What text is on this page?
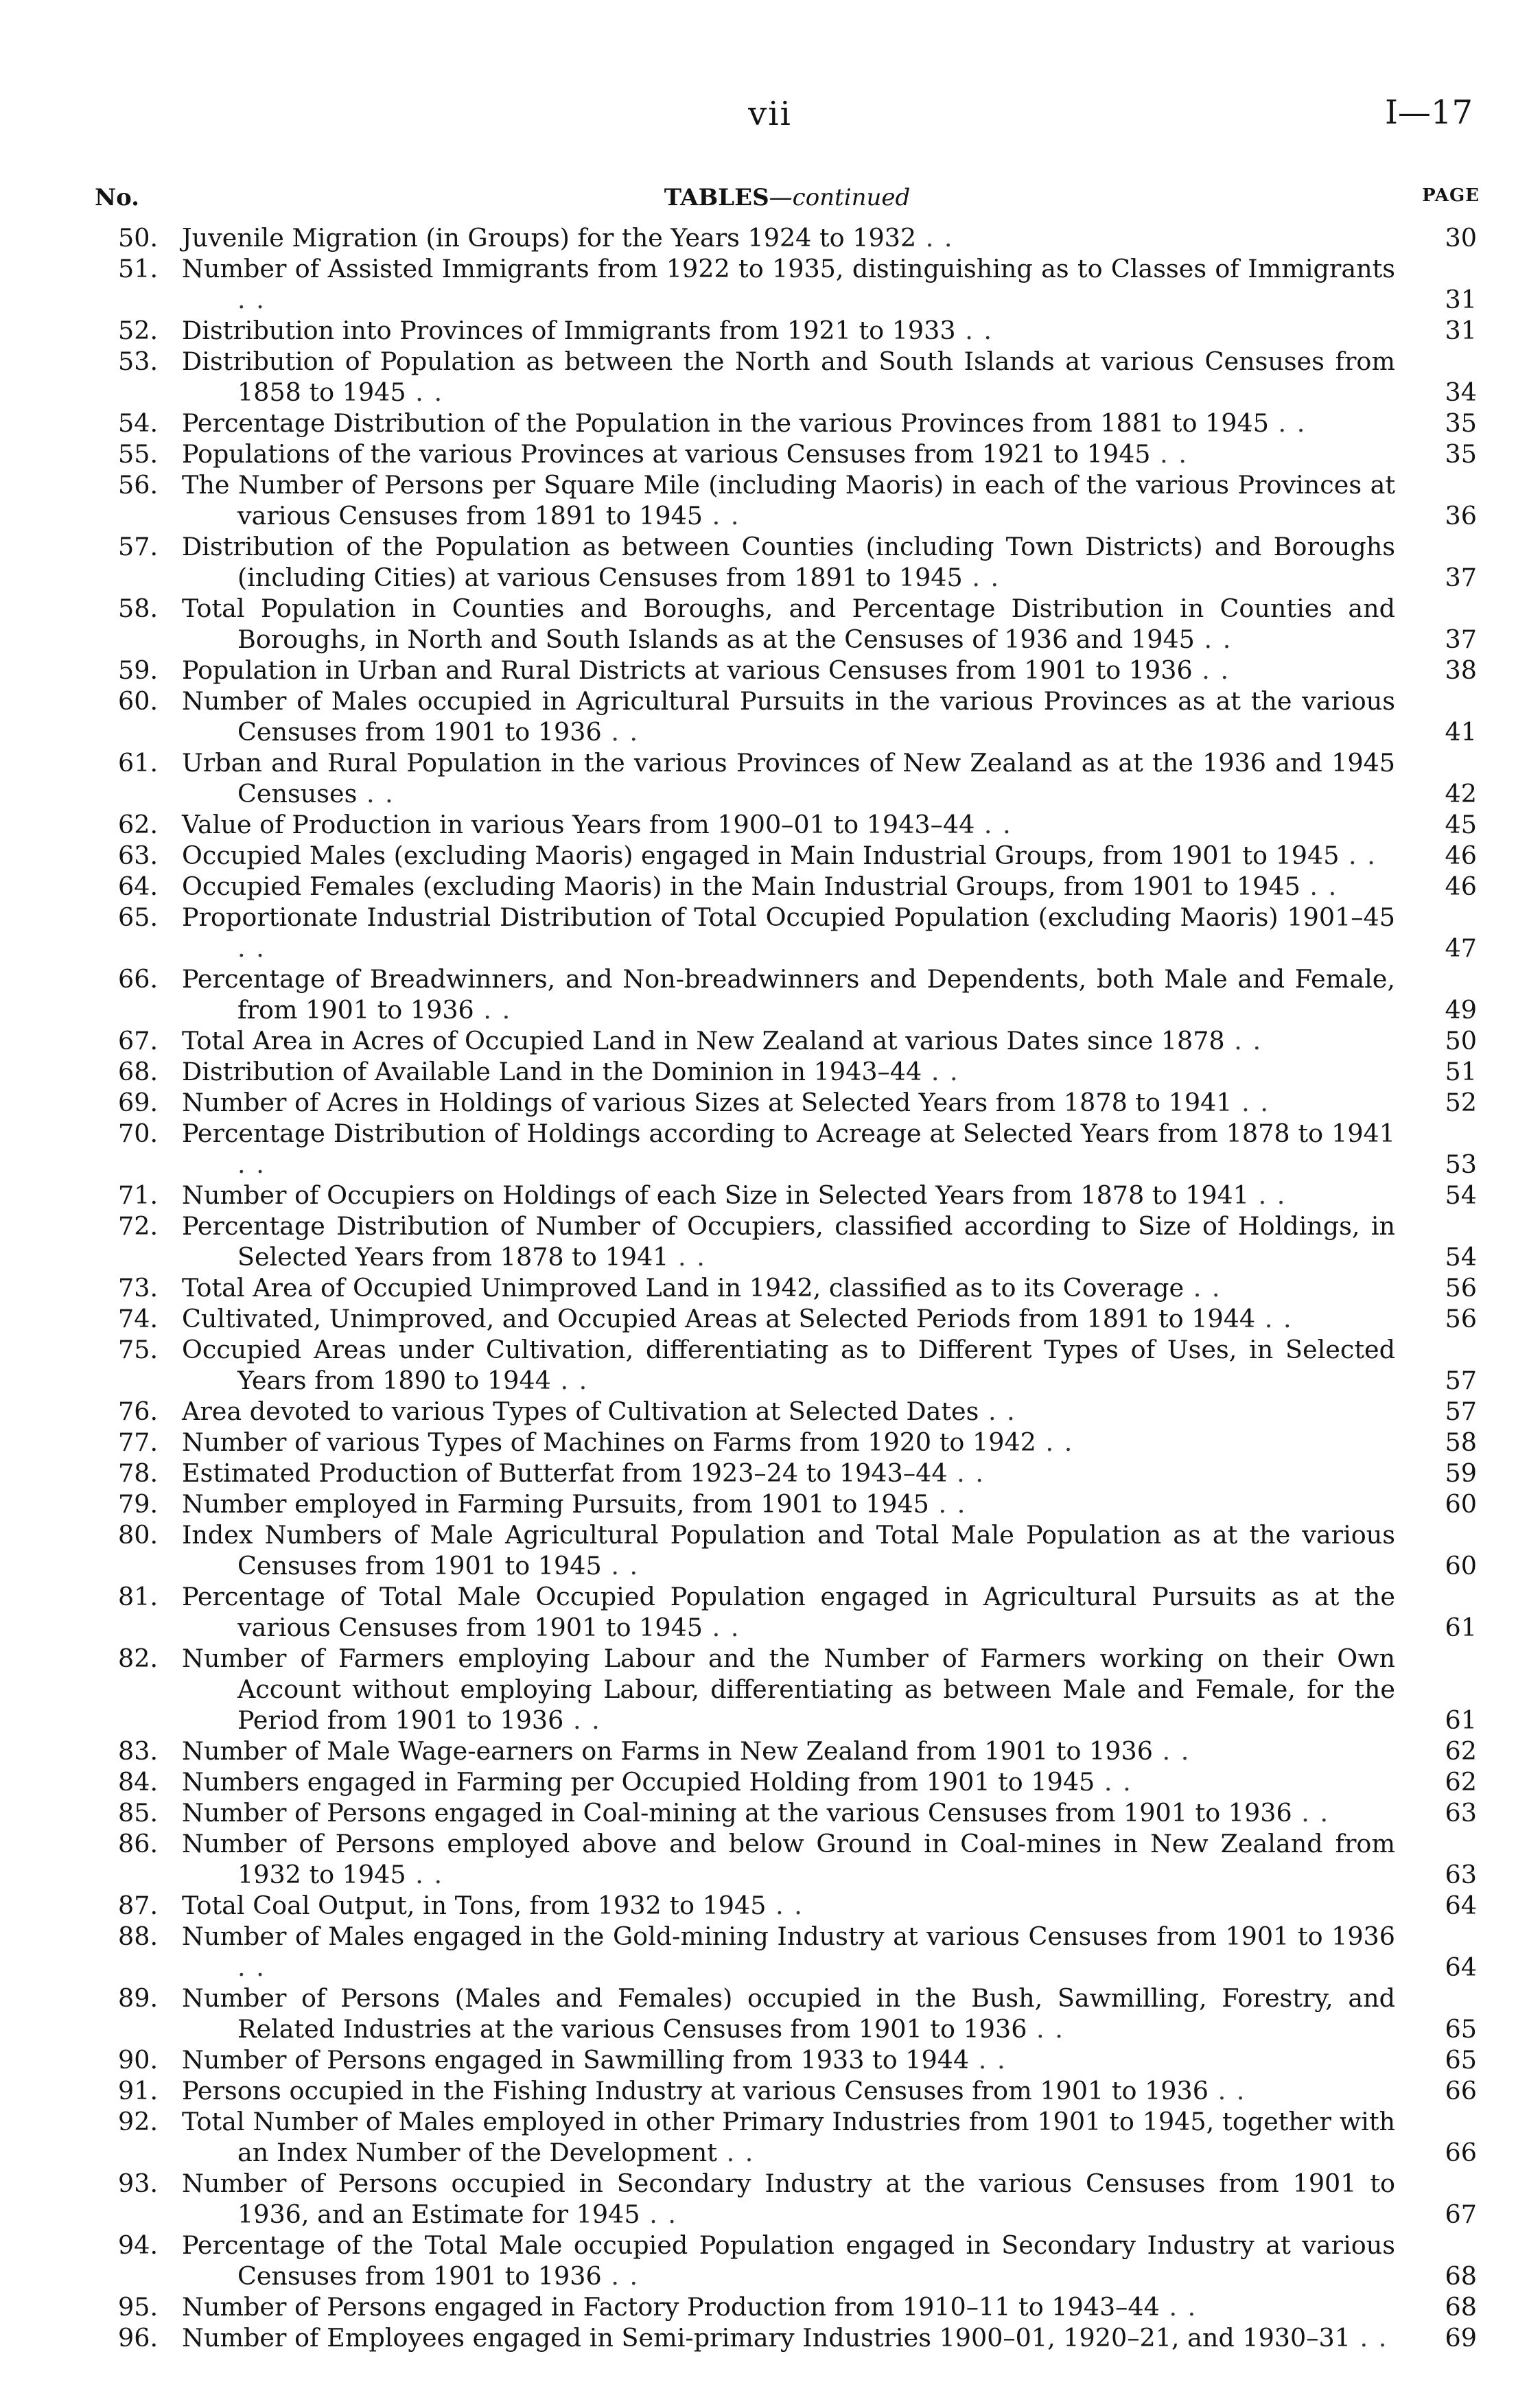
vii	I—17
No.	TABLES—continued	PAGE
50. Juvenile Migration (in Groups) for the Years 1924 to 1932 . .	30
51. Number of Assisted Immigrants from 1922 to 1935, distinguishing as to Classes of Immigrants . .	31
52. Distribution into Provinces of Immigrants from 1921 to 1933 . .	31
53. Distribution of Population as between the North and South Islands at various Censuses from 1858 to 1945 . .	34
54. Percentage Distribution of the Population in the various Provinces from 1881 to 1945 . .	35
55. Populations of the various Provinces at various Censuses from 1921 to 1945 . .	35
56. The Number of Persons per Square Mile (including Maoris) in each of the various Provinces at various Censuses from 1891 to 1945 . .	36
57. Distribution of the Population as between Counties (including Town Districts) and Boroughs (including Cities) at various Censuses from 1891 to 1945 . .	37
58. Total Population in Counties and Boroughs, and Percentage Distribution in Counties and Boroughs, in North and South Islands as at the Censuses of 1936 and 1945 . .	37
59. Population in Urban and Rural Districts at various Censuses from 1901 to 1936 . .	38
60. Number of Males occupied in Agricultural Pursuits in the various Provinces as at the various Censuses from 1901 to 1936 . .	41
61. Urban and Rural Population in the various Provinces of New Zealand as at the 1936 and 1945 Censuses . .	42
62. Value of Production in various Years from 1900–01 to 1943–44 . .	45
63. Occupied Males (excluding Maoris) engaged in Main Industrial Groups, from 1901 to 1945 . .	46
64. Occupied Females (excluding Maoris) in the Main Industrial Groups, from 1901 to 1945 . .	46
65. Proportionate Industrial Distribution of Total Occupied Population (excluding Maoris) 1901–45 . .	47
66. Percentage of Breadwinners, and Non-breadwinners and Dependents, both Male and Female, from 1901 to 1936 . .	49
67. Total Area in Acres of Occupied Land in New Zealand at various Dates since 1878 . .	50
68. Distribution of Available Land in the Dominion in 1943–44 . .	51
69. Number of Acres in Holdings of various Sizes at Selected Years from 1878 to 1941 . .	52
70. Percentage Distribution of Holdings according to Acreage at Selected Years from 1878 to 1941 . .	53
71. Number of Occupiers on Holdings of each Size in Selected Years from 1878 to 1941 . .	54
72. Percentage Distribution of Number of Occupiers, classified according to Size of Holdings, in Selected Years from 1878 to 1941 . .	54
73. Total Area of Occupied Unimproved Land in 1942, classified as to its Coverage . .	56
74. Cultivated, Unimproved, and Occupied Areas at Selected Periods from 1891 to 1944 . .	56
75. Occupied Areas under Cultivation, differentiating as to Different Types of Uses, in Selected Years from 1890 to 1944 . .	57
76. Area devoted to various Types of Cultivation at Selected Dates . .	57
77. Number of various Types of Machines on Farms from 1920 to 1942 . .	58
78. Estimated Production of Butterfat from 1923–24 to 1943–44 . .	59
79. Number employed in Farming Pursuits, from 1901 to 1945 . .	60
80. Index Numbers of Male Agricultural Population and Total Male Population as at the various Censuses from 1901 to 1945 . .	60
81. Percentage of Total Male Occupied Population engaged in Agricultural Pursuits as at the various Censuses from 1901 to 1945 . .	61
82. Number of Farmers employing Labour and the Number of Farmers working on their Own Account without employing Labour, differentiating as between Male and Female, for the Period from 1901 to 1936 . .	61
83. Number of Male Wage-earners on Farms in New Zealand from 1901 to 1936 . .	62
84. Numbers engaged in Farming per Occupied Holding from 1901 to 1945 . .	62
85. Number of Persons engaged in Coal-mining at the various Censuses from 1901 to 1936 . .	63
86. Number of Persons employed above and below Ground in Coal-mines in New Zealand from 1932 to 1945 . .	63
87. Total Coal Output, in Tons, from 1932 to 1945 . .	64
88. Number of Males engaged in the Gold-mining Industry at various Censuses from 1901 to 1936 . .	64
89. Number of Persons (Males and Females) occupied in the Bush, Sawmilling, Forestry, and Related Industries at the various Censuses from 1901 to 1936 . .	65
90. Number of Persons engaged in Sawmilling from 1933 to 1944 . .	65
91. Persons occupied in the Fishing Industry at various Censuses from 1901 to 1936 . .	66
92. Total Number of Males employed in other Primary Industries from 1901 to 1945, together with an Index Number of the Development . .	66
93. Number of Persons occupied in Secondary Industry at the various Censuses from 1901 to 1936, and an Estimate for 1945 . .	67
94. Percentage of the Total Male occupied Population engaged in Secondary Industry at various Censuses from 1901 to 1936 . .	68
95. Number of Persons engaged in Factory Production from 1910–11 to 1943–44 . .	68
96. Number of Employees engaged in Semi-primary Industries 1900–01, 1920–21, and 1930–31 . .	69
